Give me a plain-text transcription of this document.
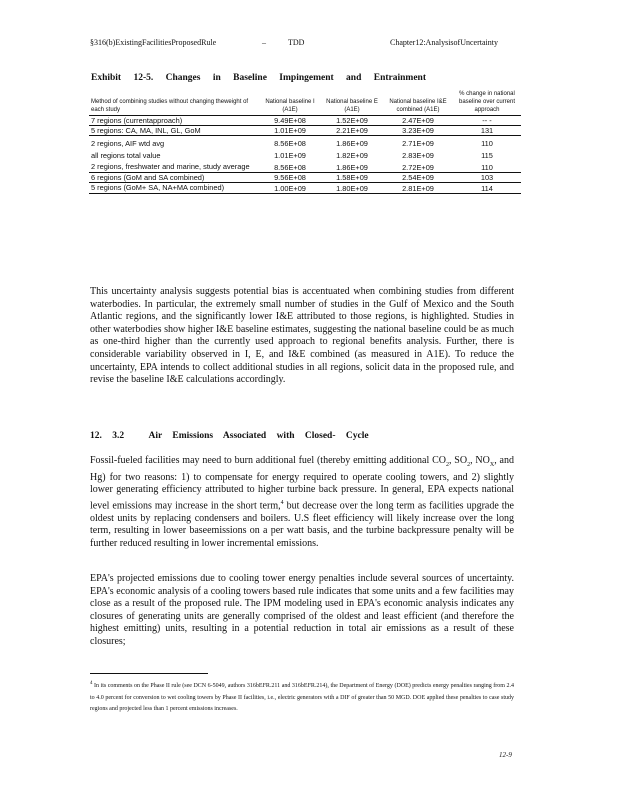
§316(b)ExistingFacilitiesProposedRule	–	TDD	Chapter12:AnalysisofUncertainty
Exhibit 12-5. Changes in Baseline Impingement and Entrainment
Method of combining studies without changing theweight of each study	National baseline I (A1E)	National baseline E (A1E)	National baseline I&E combined (A1E)	% change in national baseline over current approach
7 regions (currentapproach)	9.49E+08	1.52E+09	2.47E+09	-- -
5 regions: CA, MA, INL, GL, GoM	1.01E+09	2.21E+09	3.23E+09	131
2 regions, AIF wtd avg	8.56E+08	1.86E+09	2.71E+09	110
all regions total value	1.01E+09	1.82E+09	2.83E+09	115
2 regions, freshwater and marine, study average	8.56E+08	1.86E+09	2.72E+09	110
6 regions (GoM and SA combined)	9.56E+08	1.58E+09	2.54E+09	103
5 regions (GoM+ SA, NA+MA combined)	1.00E+09	1.80E+09	2.81E+09	114
This uncertainty analysis suggests potential bias is accentuated when combining studies from different waterbodies. In particular, the extremely small number of studies in the Gulf of Mexico and the South Atlantic regions, and the significantly lower I&E attributed to those regions, is highlighted. Studies in other waterbodies show higher I&E baseline estimates, suggesting the national baseline could be as much as one-third higher than the currently used approach to regional benefits analysis. Further, there is considerable variability observed in I, E, and I&E combined (as measured in A1E). To reduce the uncertainty, EPA intends to collect additional studies in all regions, solicit data in the proposed rule, and revise the baseline I&E calculations accordingly.
12. 3.2	Air Emissions Associated with Closed- Cycle
Fossil-fueled facilities may need to burn additional fuel (thereby emitting additional $CO_2$, $SO_2$, $NO_X$, and Hg) for two reasons: 1) to compensate for energy required to operate cooling towers, and 2) slightly lower generating efficiency attributed to higher turbine back pressure. In general, EPA expects national level emissions may increase in the short term,$^4$ but decrease over the long term as facilities upgrade the oldest units by replacing condensers and boilers. U.S fleet efficiency will likely increase over the long term, resulting in lower baseemissions on a per watt basis, and the turbine backpressure penalty will be further reduced resulting in lower incremental emissions.
EPA's projected emissions due to cooling tower energy penalties include several sources of uncertainty. EPA's economic analysis of a cooling towers based rule indicates that some units and a few facilities may close as a result of the proposed rule. The IPM modeling used in EPA's economic analysis indicates any closures of generating units are generally comprised of the oldest and least efficient (and therefore the highest emitting) units, resulting in a potential reduction in total air emissions as a result of these closures;
$^4$ In its comments on the Phase II rule (see DCN 6-5049, authors 316bEFR.211 and 316bEFR.214), the Department of Energy (DOE) predicts energy penalties ranging from 2.4 to 4.0 percent for conversion to wet cooling towers by Phase II facilities, i.e., electric generators with a DIF of greater than 50 MGD. DOE applied these penalties to case study regions and projected less than 1 percent emissions increases.
12-9
